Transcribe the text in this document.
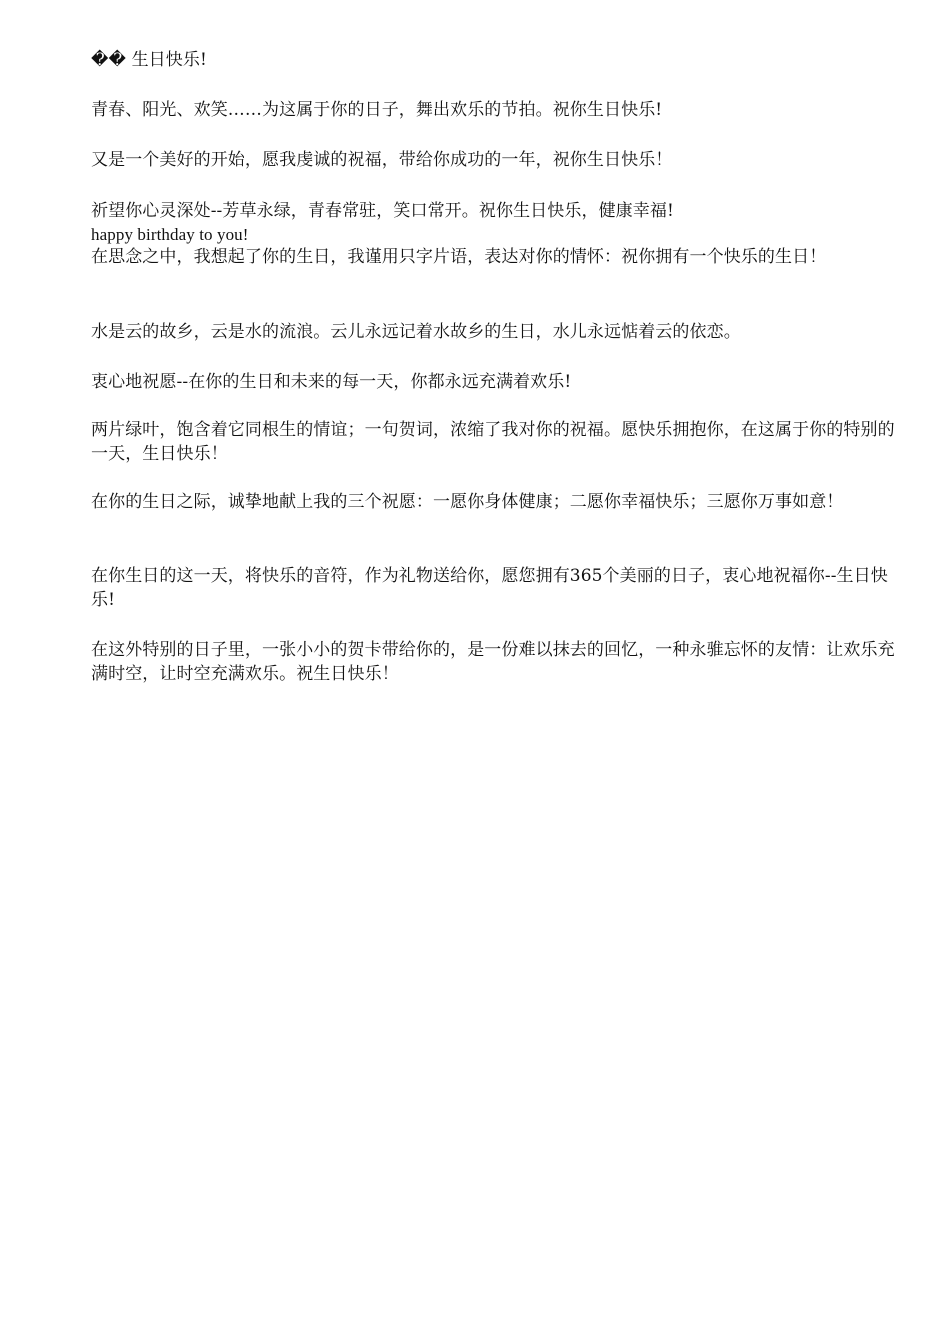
�� 生日快乐!
青春、阳光、欢笑……为这属于你的日子，舞出欢乐的节拍。祝你生日快乐!
又是一个美好的开始，愿我虔诚的祝福，带给你成功的一年，祝你生日快乐！
祈望你心灵深处--芳草永绿，青春常驻，笑口常开。祝你生日快乐，健康幸福!
happy birthday to you!
在思念之中，我想起了你的生日，我谨用只字片语，表达对你的情怀：祝你拥有一个快乐的生日！
水是云的故乡，云是水的流浪。云儿永远记着水故乡的生日，水儿永远惦着云的依恋。
衷心地祝愿--在你的生日和未来的每一天，你都永远充满着欢乐!
两片绿叶，饱含着它同根生的情谊；一句贺词，浓缩了我对你的祝福。愿快乐拥抱你，在这属于你的特别的一天，生日快乐！
在你的生日之际，诚挚地献上我的三个祝愿：一愿你身体健康；二愿你幸福快乐；三愿你万事如意！
在你生日的这一天，将快乐的音符，作为礼物送给你，愿您拥有365个美丽的日子，衷心地祝福你--生日快乐!
在这外特别的日子里，一张小小的贺卡带给你的，是一份难以抹去的回忆，一种永骓忘怀的友情：让欢乐充满时空，让时空充满欢乐。祝生日快乐！
